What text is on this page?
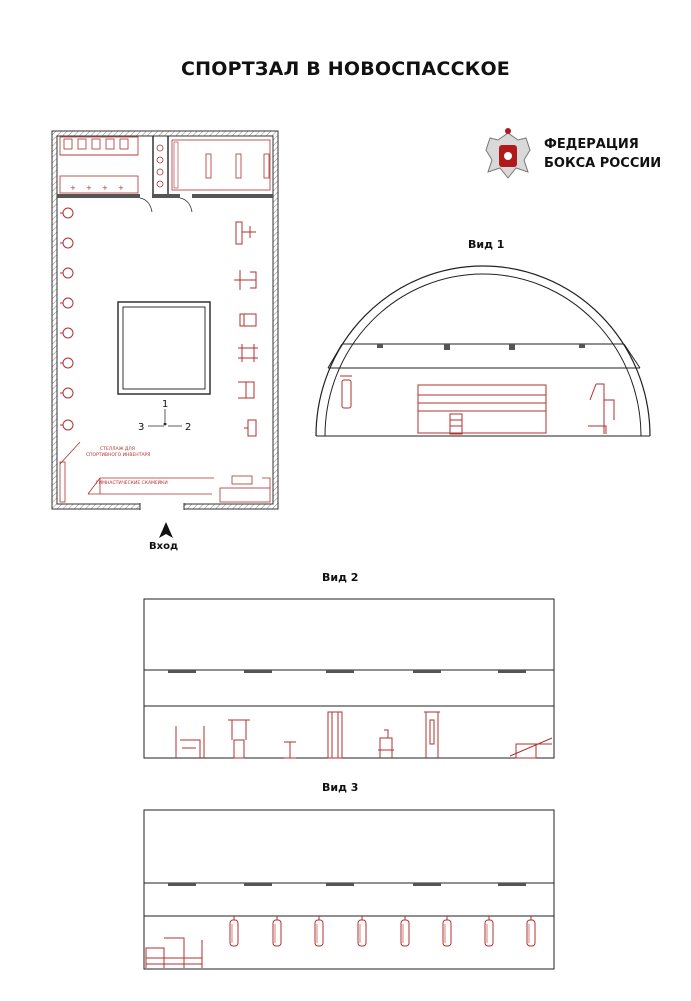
СПОРТЗАЛ В НОВОСПАССКОЕ
ФЕДЕРАЦИЯ
БОКСА РОССИИ
Вид 1
Вид 2
Вид 3
Вход
+ + + +
СТЕЛЛАЖ ДЛЯ
СПОРТИВНОГО ИНВЕНТАРЯ
ГИМНАСТИЧЕСКИЕ СКАМЕЙКИ
1
3	2
